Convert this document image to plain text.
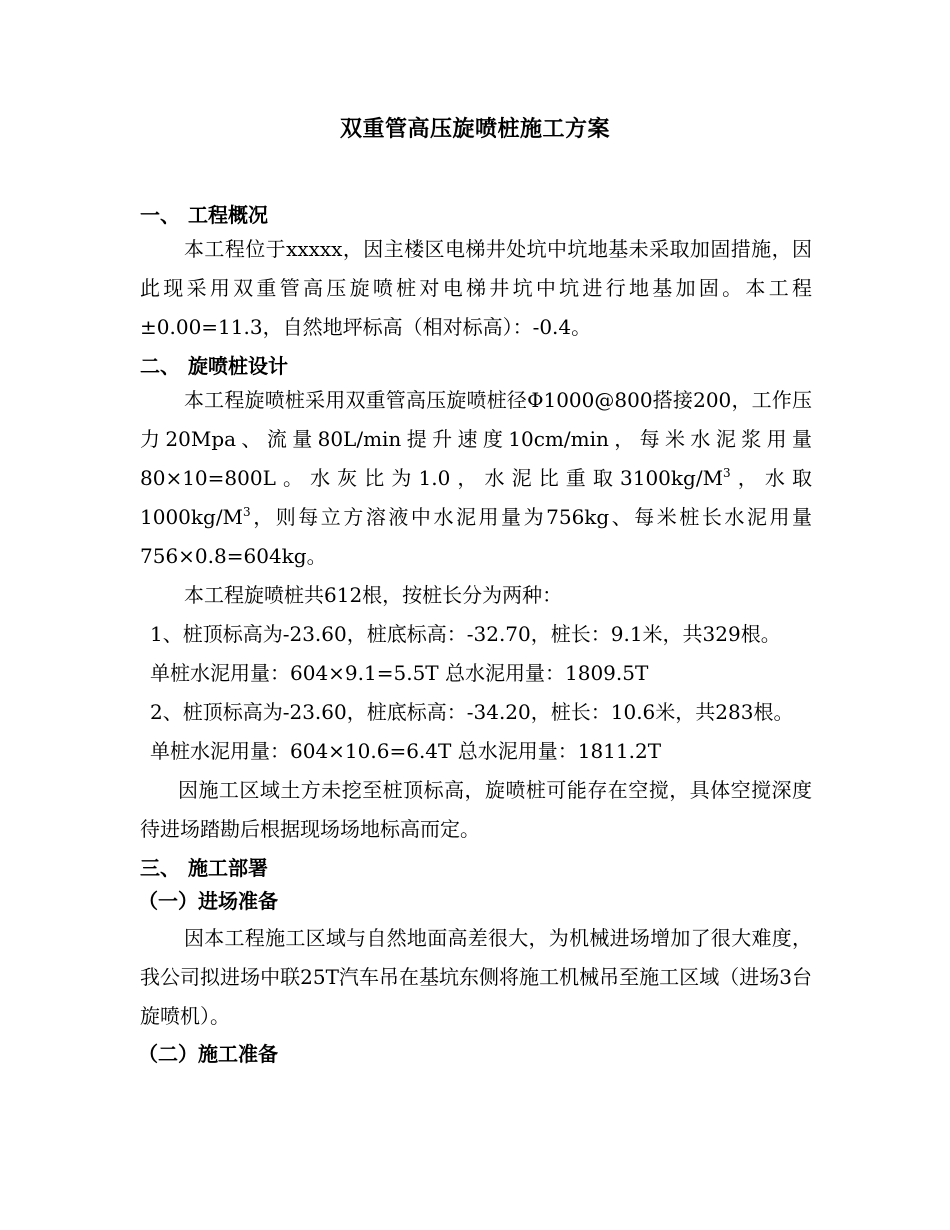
双重管高压旋喷桩施工方案
一、 工程概况
本工程位于xxxxx，因主楼区电梯井处坑中坑地基未采取加固措施，因此现采用双重管高压旋喷桩对电梯井坑中坑进行地基加固。本工程±0.00=11.3，自然地坪标高（相对标高）：-0.4。
二、 旋喷桩设计
本工程旋喷桩采用双重管高压旋喷桩径Φ1000@800搭接200，工作压力20Mpa、流量80L/min提升速度10cm/min，每米水泥浆用量80×10=800L。水灰比为1.0，水泥比重取$3100kg/M^3$，水取$1000kg/M^3$，则每立方溶液中水泥用量为756kg、每米桩长水泥用量756×0.8=604kg。
本工程旋喷桩共612根，按桩长分为两种：
1、桩顶标高为-23.60，桩底标高：-32.70，桩长：9.1米，共329根。
单桩水泥用量：604×9.1=5.5T 总水泥用量：1809.5T
2、桩顶标高为-23.60，桩底标高：-34.20，桩长：10.6米，共283根。
单桩水泥用量：604×10.6=6.4T 总水泥用量：1811.2T
因施工区域土方未挖至桩顶标高，旋喷桩可能存在空搅，具体空搅深度待进场踏勘后根据现场场地标高而定。
三、 施工部署
（一）进场准备
因本工程施工区域与自然地面高差很大，为机械进场增加了很大难度，我公司拟进场中联25T汽车吊在基坑东侧将施工机械吊至施工区域（进场3台旋喷机）。
（二）施工准备
